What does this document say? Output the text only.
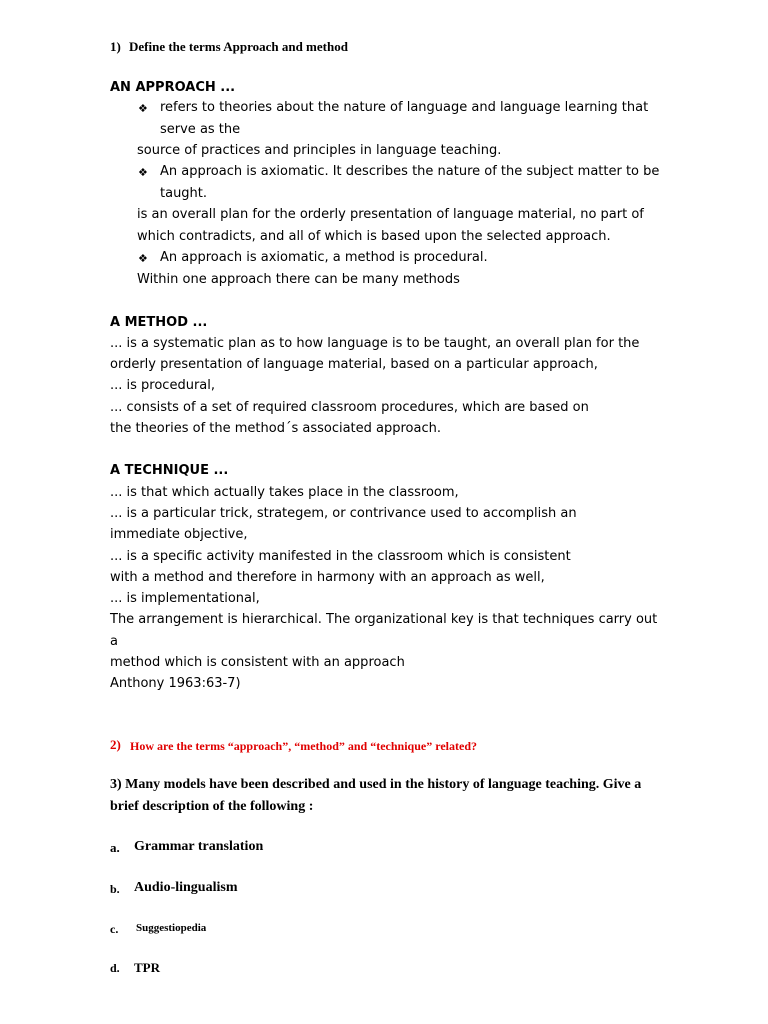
1) Define the terms Approach and method
AN APPROACH ...
❖ refers to theories about the nature of language and language learning that
serve as the
source of practices and principles in language teaching.
❖ An approach is axiomatic. It describes the nature of the subject matter to be
taught.
is an overall plan for the orderly presentation of language material, no part of
which contradicts, and all of which is based upon the selected approach.
❖ An approach is axiomatic, a method is procedural.
Within one approach there can be many methods
A METHOD ...
... is a systematic plan as to how language is to be taught, an overall plan for the
orderly presentation of language material, based on a particular approach,
... is procedural,
... consists of a set of required classroom procedures, which are based on
the theories of the method´s associated approach.
A TECHNIQUE ...
... is that which actually takes place in the classroom,
... is a particular trick, strategem, or contrivance used to accomplish an
immediate objective,
... is a specific activity manifested in the classroom which is consistent
with a method and therefore in harmony with an approach as well,
... is implementational,
The arrangement is hierarchical. The organizational key is that techniques carry out
a
method which is consistent with an approach
Anthony 1963:63-7)
2) How are the terms “approach”, “method” and “technique” related?
3) Many models have been described and used in the history of language teaching. Give a
brief description of the following :
a. Grammar translation
b. Audio-lingualism
c. Suggestiopedia
d. TPR
